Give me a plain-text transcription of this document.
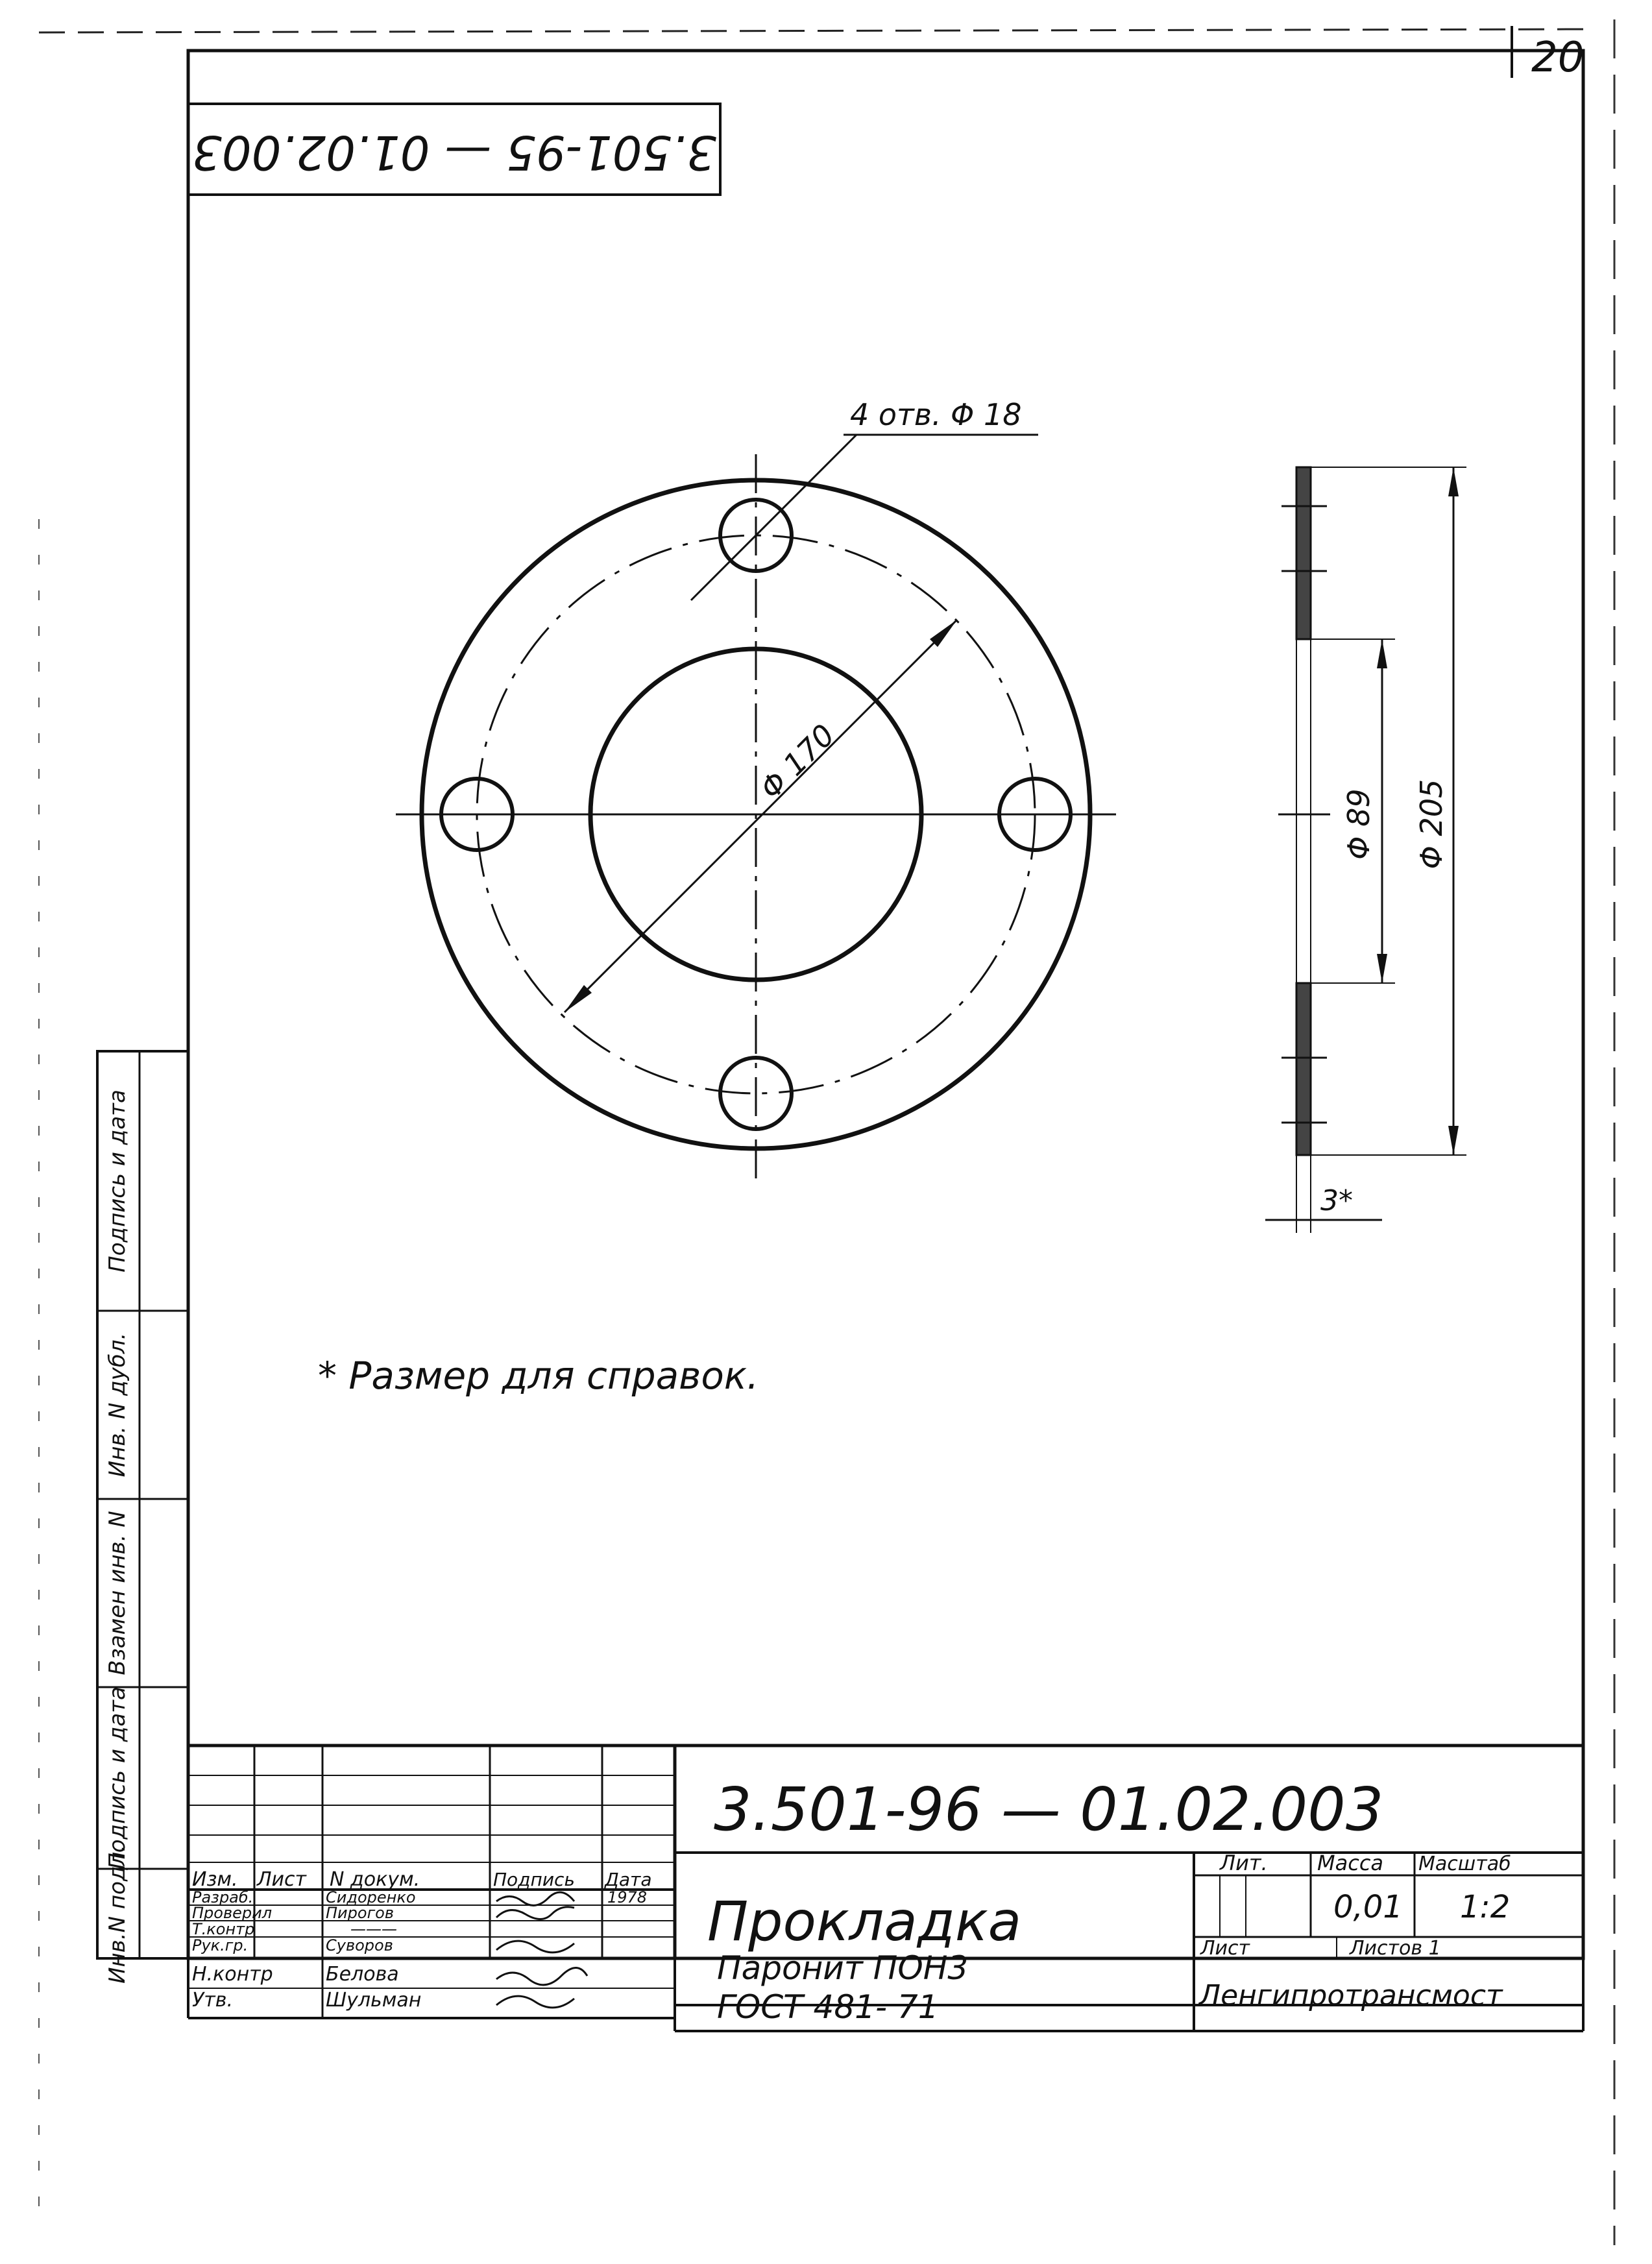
20
3.501-95 — 01.02.003
Φ 170
4 отв. Φ 18
Φ 89 Φ 205
3*
* Размер для справок.
Инв.N подл.
Подпись и дата
Взамен инв. N
Инв. N дубл.
Подпись и дата
Изм. Лист N докум.	Подпись Дата
Разраб.	Сидоренко	1978
Проверил	Пирогов
Т.контр	———
Рук.гр.	Суворов
Н.контр	Белова
Утв.	Шульман
3.501-96 — 01.02.003
Прокладка
Паронит ПОН3
Лит. Масса Масштаб
0,01 1:2
Лист	Листов 1
ГОСТ 481- 71	Ленгипротрансмост
